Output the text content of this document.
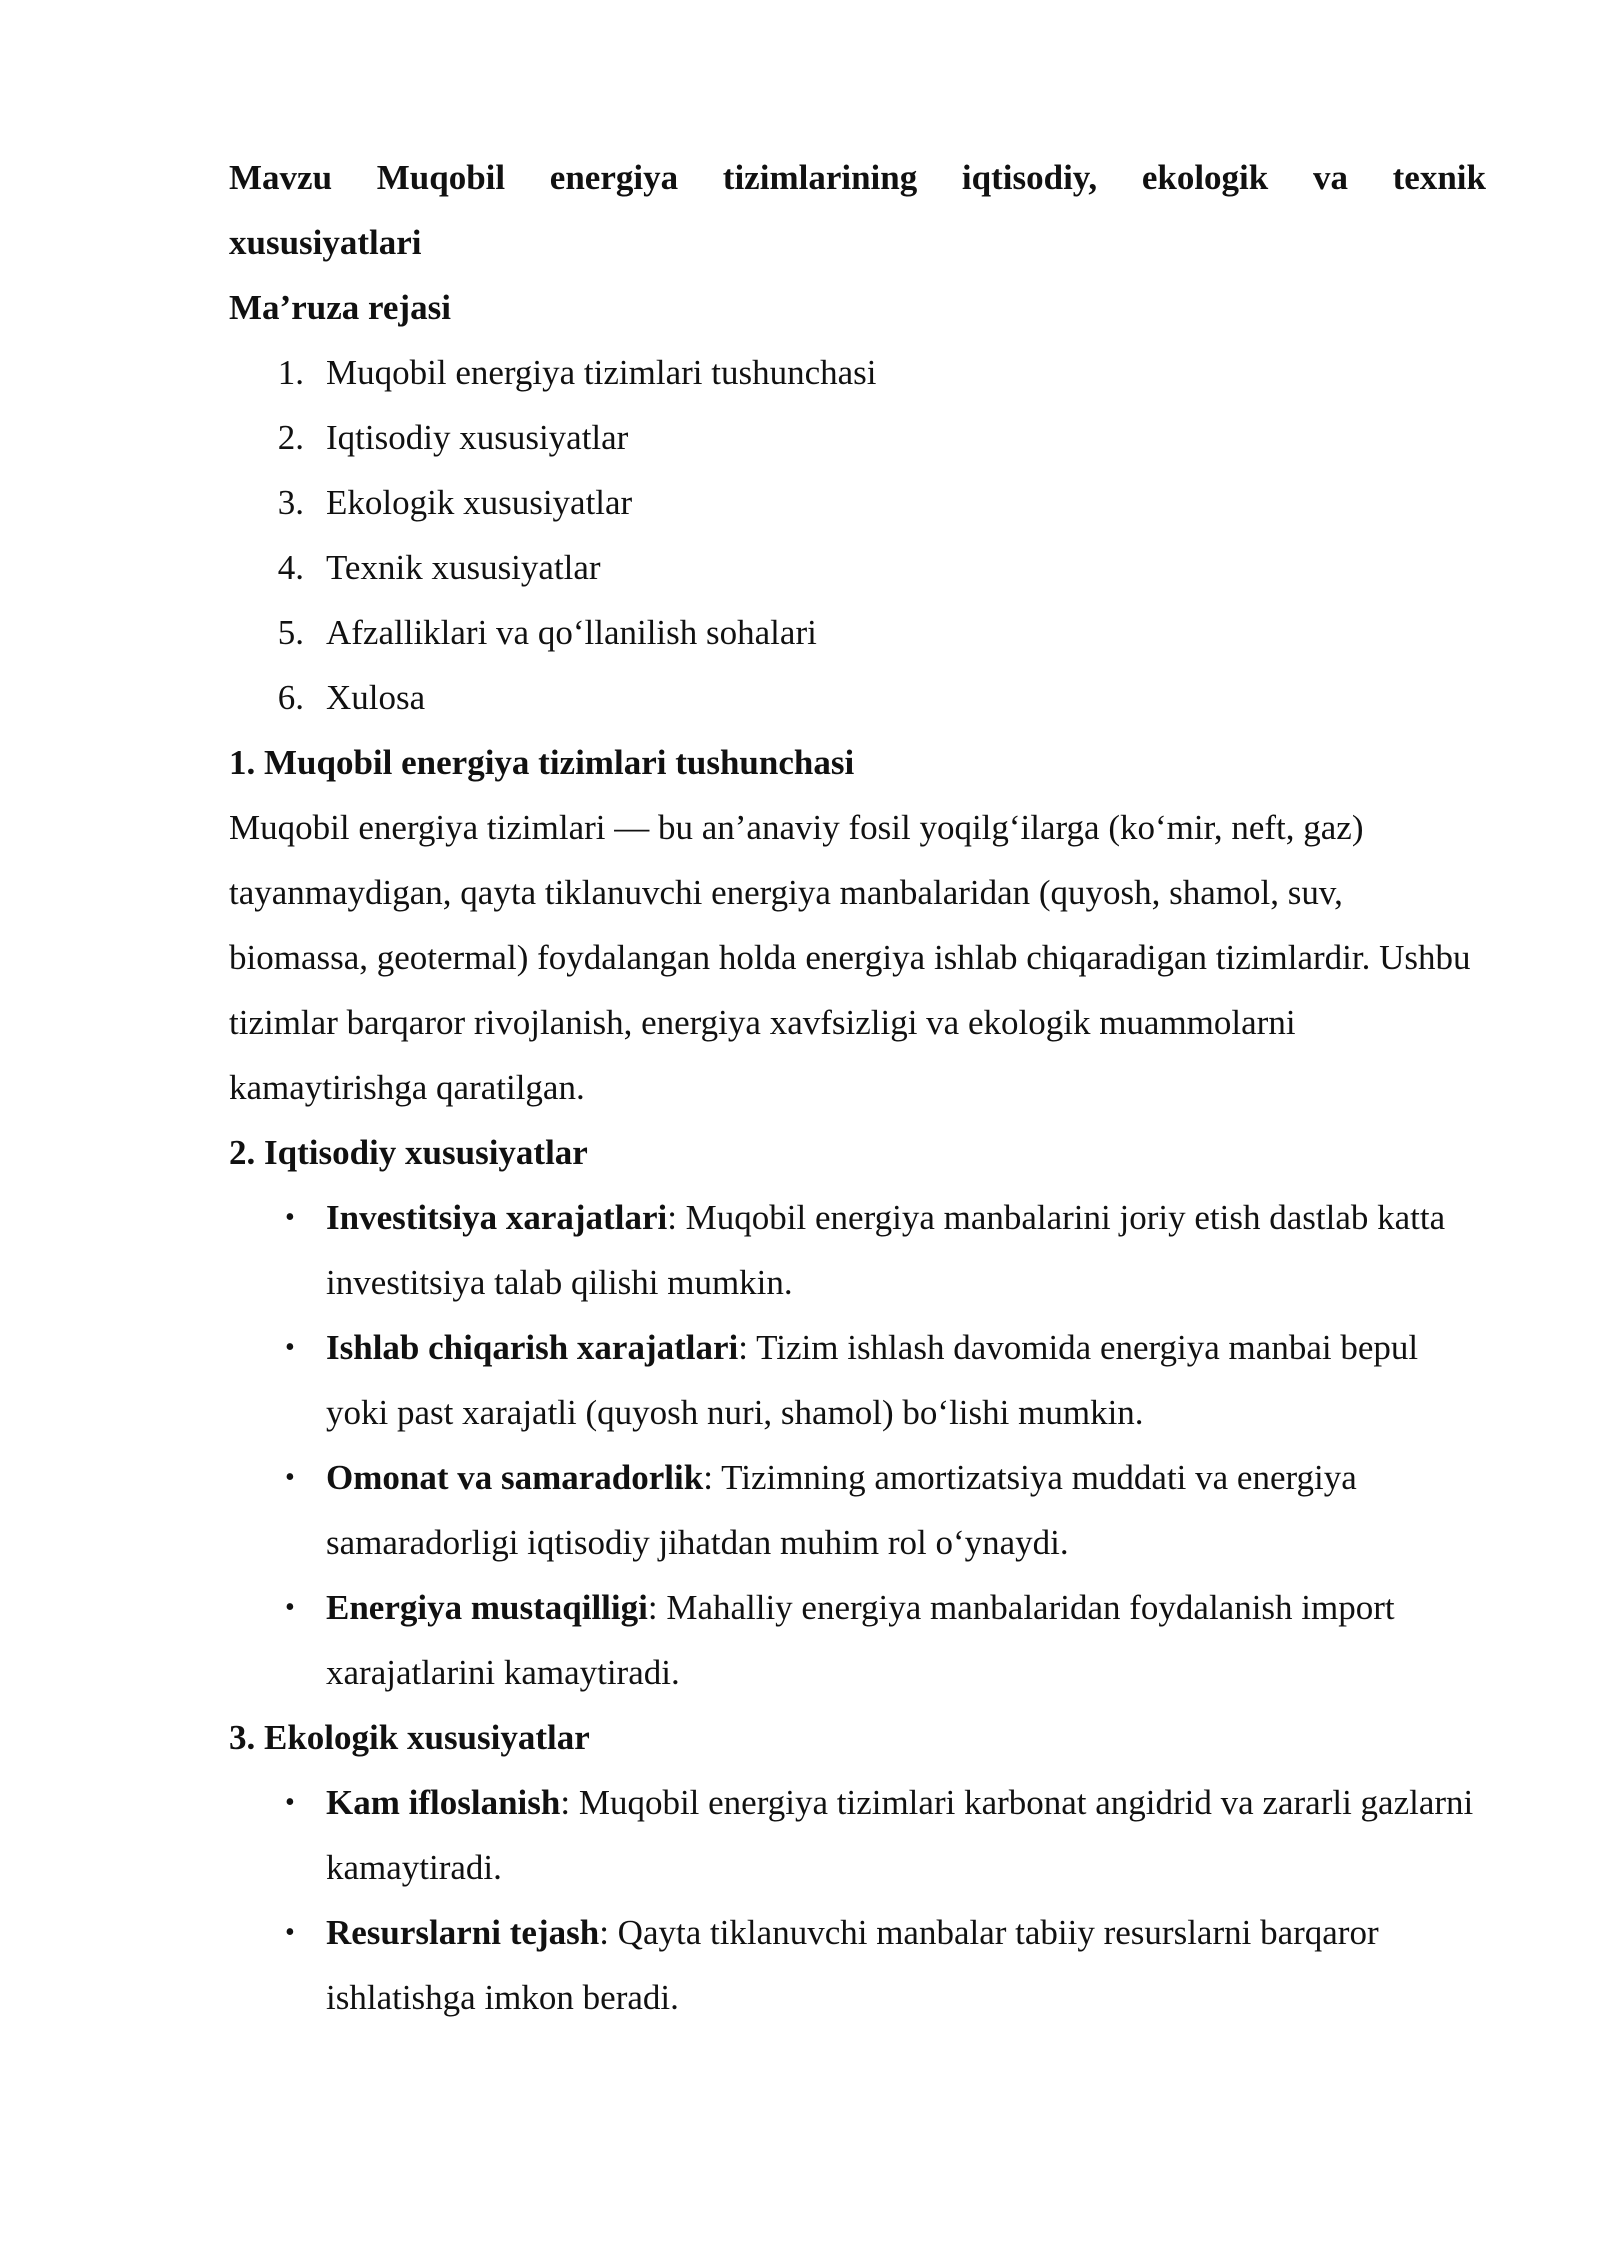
Mavzu Muqobil energiya tizimlarining iqtisodiy, ekologik va texnik
xususiyatlari
Ma’ruza rejasi
1. Muqobil energiya tizimlari tushunchasi
2. Iqtisodiy xususiyatlar
3. Ekologik xususiyatlar
4. Texnik xususiyatlar
5. Afzalliklari va qo‘llanilish sohalari
6. Xulosa
1. Muqobil energiya tizimlari tushunchasi

Muqobil energiya tizimlari — bu an’anaviy fosil yoqilg‘ilarga (ko‘mir, neft, gaz) tayanmaydigan, qayta tiklanuvchi energiya manbalaridan (quyosh, shamol, suv, biomassa, geotermal) foydalangan holda energiya ishlab chiqaradigan tizimlardir. Ushbu tizimlar barqaror rivojlanish, energiya xavfsizligi va ekologik muammolarni kamaytirishga qaratilgan.

2. Iqtisodiy xususiyatlar
• Investitsiya xarajatlari: Muqobil energiya manbalarini joriy etish dastlab katta investitsiya talab qilishi mumkin.
• Ishlab chiqarish xarajatlari: Tizim ishlash davomida energiya manbai bepul yoki past xarajatli (quyosh nuri, shamol) bo‘lishi mumkin.
• Omonat va samaradorlik: Tizimning amortizatsiya muddati va energiya samaradorligi iqtisodiy jihatdan muhim rol o‘ynaydi.
• Energiya mustaqilligi: Mahalliy energiya manbalaridan foydalanish import xarajatlarini kamaytiradi.
3. Ekologik xususiyatlar
• Kam ifloslanish: Muqobil energiya tizimlari karbonat angidrid va zararli gazlarni kamaytiradi.
• Resurslarni tejash: Qayta tiklanuvchi manbalar tabiiy resurslarni barqaror ishlatishga imkon beradi.
